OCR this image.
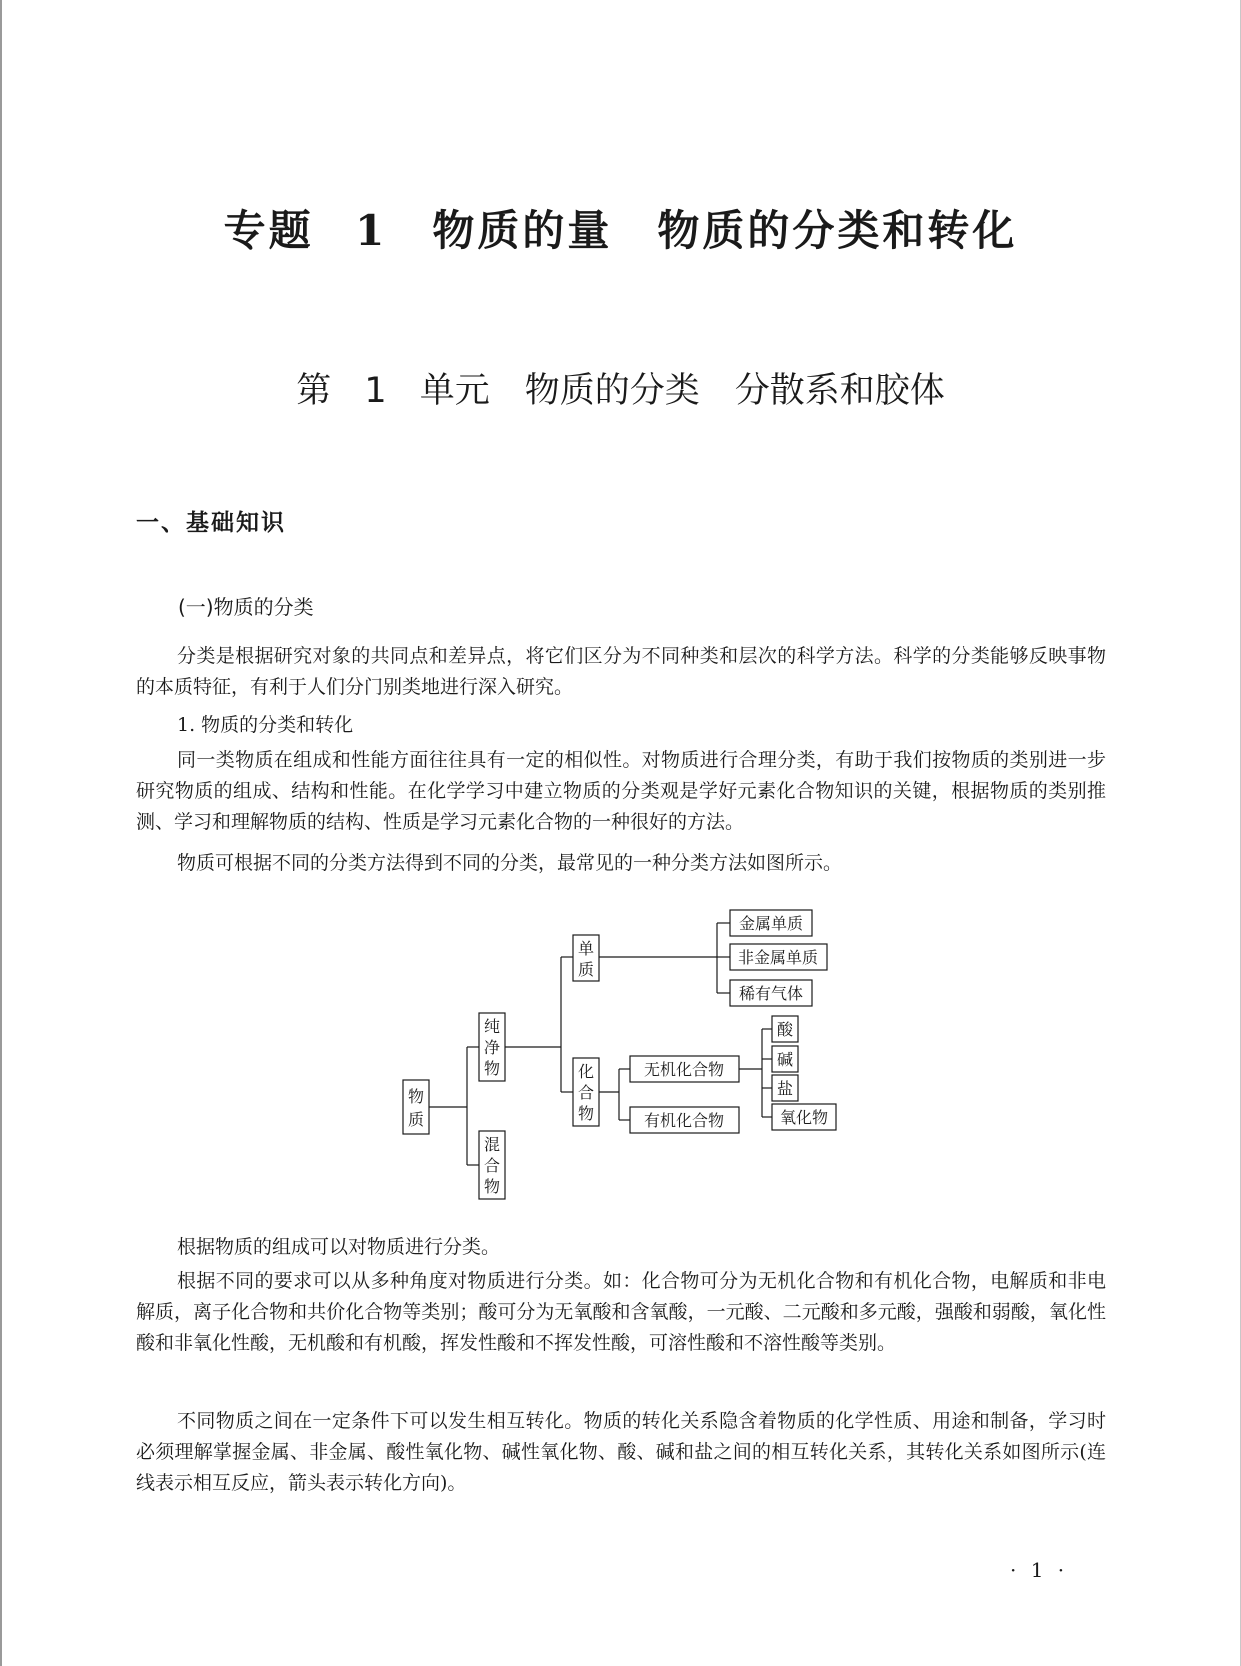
专题 1　物质的量　物质的分类和转化
第 1 单元　物质的分类　分散系和胶体
一、基础知识
(一)物质的分类

分类是根据研究对象的共同点和差异点，将它们区分为不同种类和层次的科学方法。科学的分类能够反映事物的本质特征，有利于人们分门别类地进行深入研究。

1. 物质的分类和转化

同一类物质在组成和性能方面往往具有一定的相似性。对物质进行合理分类，有助于我们按物质的类别进一步研究物质的组成、结构和性能。在化学学习中建立物质的分类观是学好元素化合物知识的关键，根据物质的类别推测、学习和理解物质的结构、性质是学习元素化合物的一种很好的方法。

物质可根据不同的分类方法得到不同的分类，最常见的一种分类方法如图所示。

物
质
纯
净
物
混
合
物
单
质
化
合
物
金属单质
非金属单质
稀有气体
无机化合物
有机化合物
酸
碱
盐
氧化物

根据物质的组成可以对物质进行分类。

根据不同的要求可以从多种角度对物质进行分类。如：化合物可分为无机化合物和有机化合物，电解质和非电解质，离子化合物和共价化合物等类别；酸可分为无氧酸和含氧酸，一元酸、二元酸和多元酸，强酸和弱酸，氧化性酸和非氧化性酸，无机酸和有机酸，挥发性酸和不挥发性酸，可溶性酸和不溶性酸等类别。

不同物质之间在一定条件下可以发生相互转化。物质的转化关系隐含着物质的化学性质、用途和制备，学习时必须理解掌握金属、非金属、酸性氧化物、碱性氧化物、酸、碱和盐之间的相互转化关系，其转化关系如图所示(连线表示相互反应，箭头表示转化方向)。

· 1 ·
